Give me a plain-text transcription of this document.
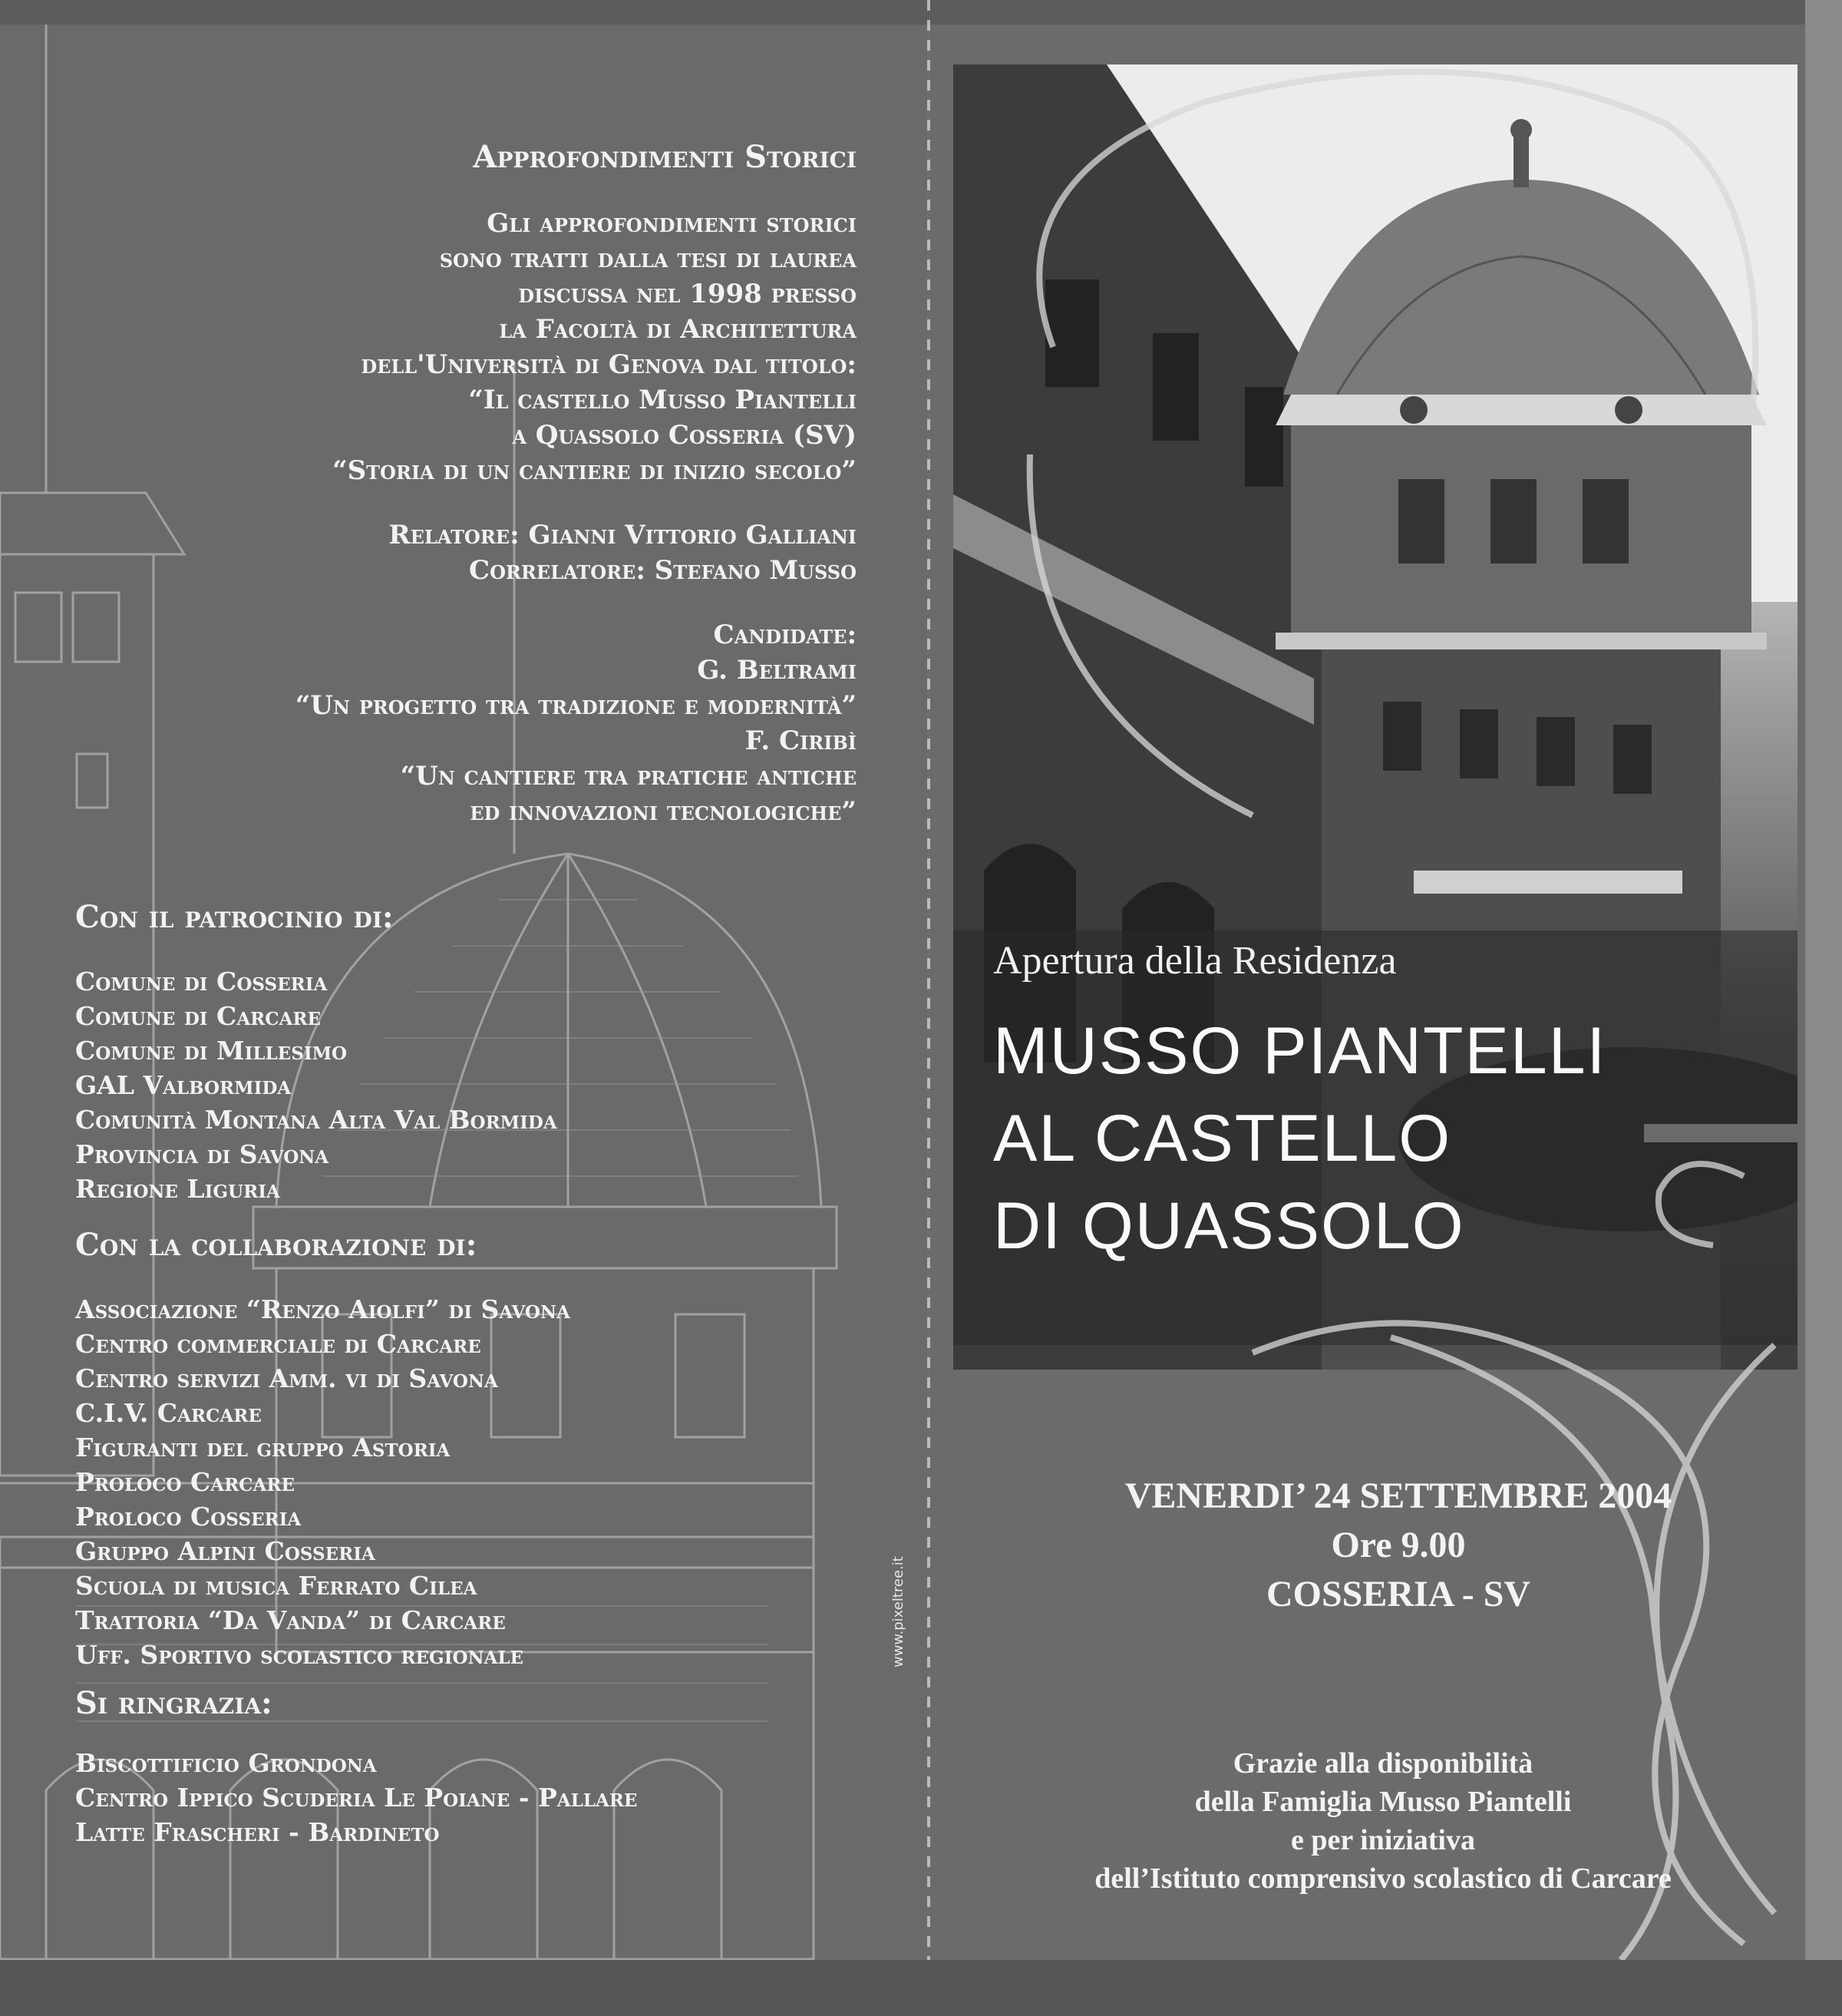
Approfondimenti Storici
Gli approfondimenti storici
sono tratti dalla tesi di laurea
discussa nel 1998 presso
la Facoltà di Architettura
dell'Università di Genova dal titolo:
“Il castello Musso Piantelli
a Quassolo Cosseria (SV)
“Storia di un cantiere di inizio secolo”
Relatore: Gianni Vittorio Galliani
Correlatore: Stefano Musso
Candidate:
G. Beltrami
“Un progetto tra tradizione e modernità”
F. Ciribì
“Un cantiere tra pratiche antiche
ed innovazioni tecnologiche”
Con il patrocinio di:
Comune di Cosseria
Comune di Carcare
Comune di Millesimo
GAL Valbormida
Comunità Montana Alta Val Bormida
Provincia di Savona
Regione Liguria
Con la collaborazione di:
Associazione “Renzo Aiolfi” di Savona
Centro commerciale di Carcare
Centro servizi Amm. vi di Savona
C.I.V. Carcare
Figuranti del gruppo Astoria
Proloco Carcare
Proloco Cosseria
Gruppo Alpini Cosseria
Scuola di musica Ferrato Cilea
Trattoria “Da Vanda” di Carcare
Uff. Sportivo scolastico regionale
Si ringrazia:
Biscottificio Grondona
Centro Ippico Scuderia Le Poiane - Pallare
Latte Frascheri - Bardineto
www.pixeltree.it
Apertura della Residenza
MUSSO PIANTELLI
AL CASTELLO
DI QUASSOLO
VENERDI’ 24 SETTEMBRE 2004
Ore 9.00
COSSERIA - SV
Grazie alla disponibilità
della Famiglia Musso Piantelli
e per iniziativa
dell’Istituto comprensivo scolastico di Carcare
